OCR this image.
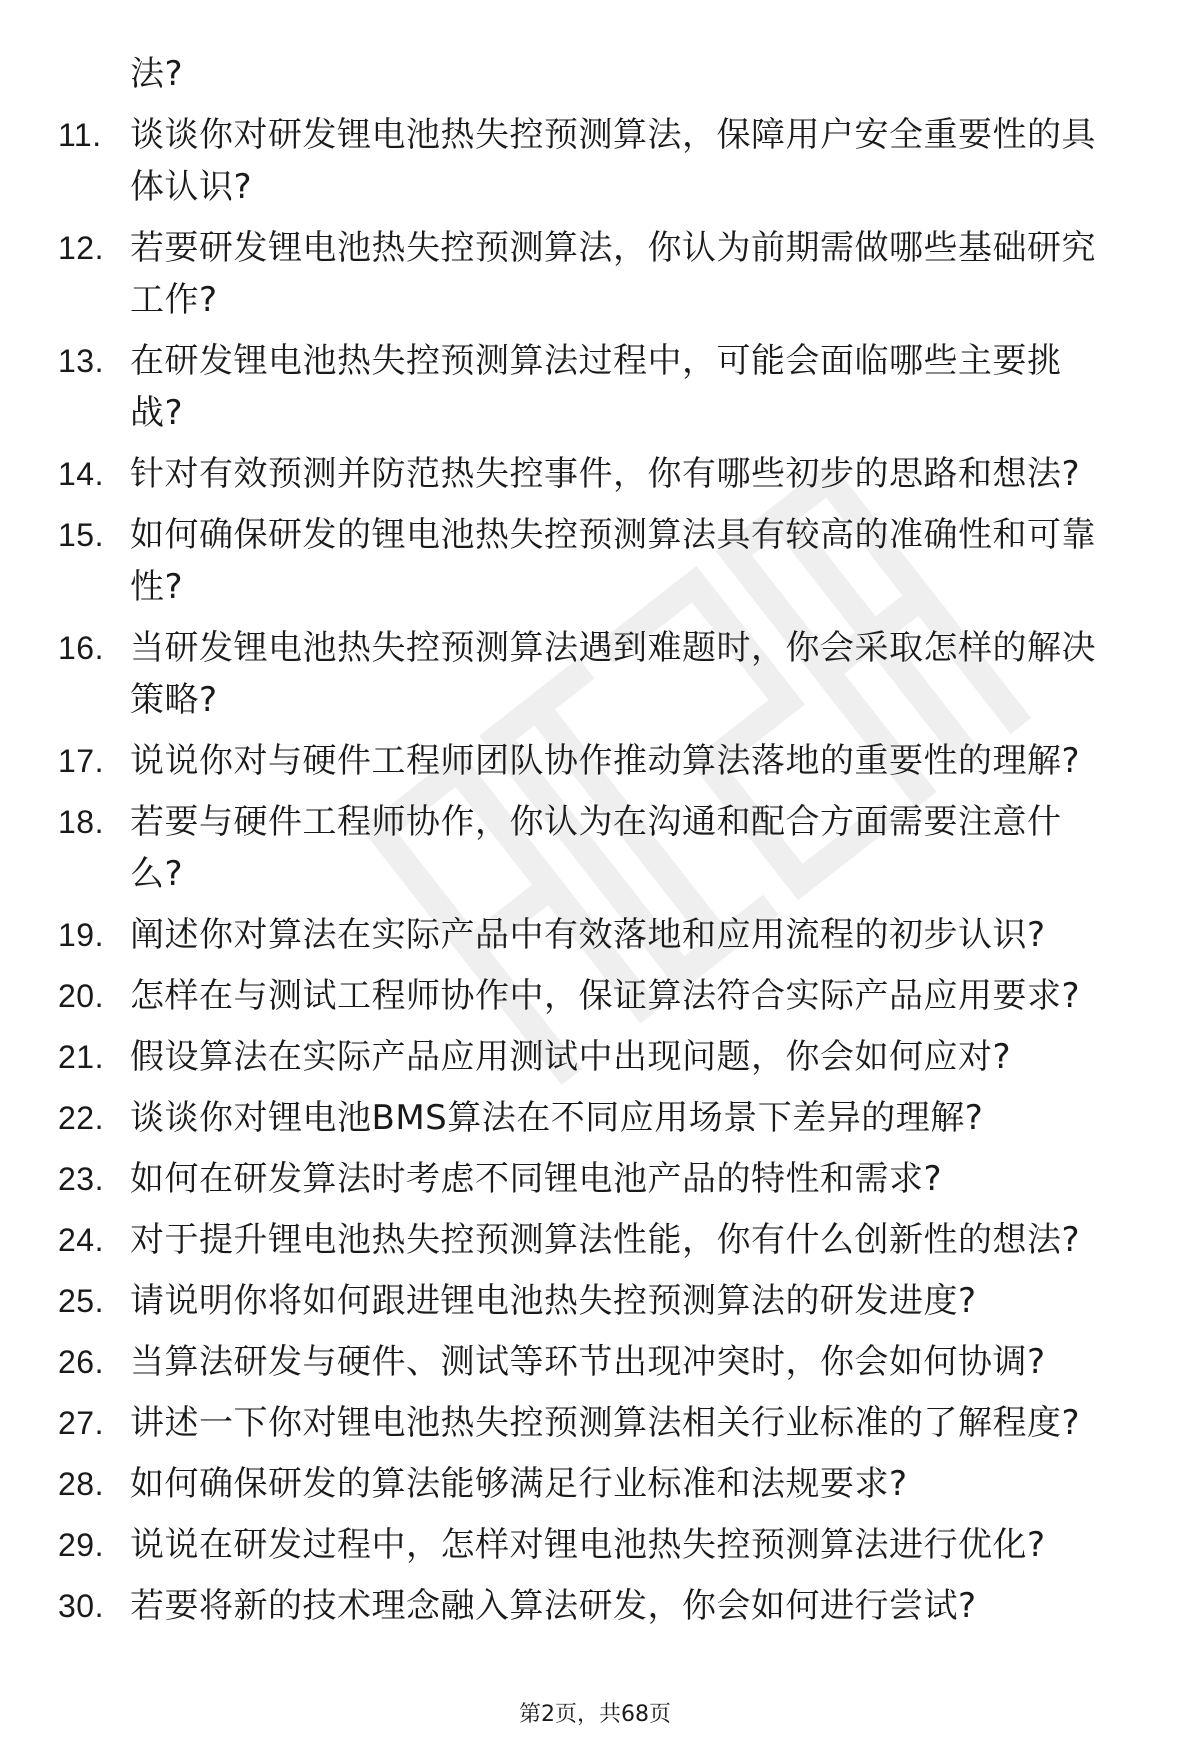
法?
11. 谈谈你对研发锂电池热失控预测算法，保障用户安全重要性的具
体认识?
12. 若要研发锂电池热失控预测算法，你认为前期需做哪些基础研究
工作?
13. 在研发锂电池热失控预测算法过程中，可能会面临哪些主要挑
战?
14. 针对有效预测并防范热失控事件，你有哪些初步的思路和想法?
15. 如何确保研发的锂电池热失控预测算法具有较高的准确性和可靠
性?
16. 当研发锂电池热失控预测算法遇到难题时，你会采取怎样的解决
策略?
17. 说说你对与硬件工程师团队协作推动算法落地的重要性的理解?
18. 若要与硬件工程师协作，你认为在沟通和配合方面需要注意什
么?
19. 阐述你对算法在实际产品中有效落地和应用流程的初步认识?
20. 怎样在与测试工程师协作中，保证算法符合实际产品应用要求?
21. 假设算法在实际产品应用测试中出现问题，你会如何应对?
22. 谈谈你对锂电池BMS算法在不同应用场景下差异的理解?
23. 如何在研发算法时考虑不同锂电池产品的特性和需求?
24. 对于提升锂电池热失控预测算法性能，你有什么创新性的想法?
25. 请说明你将如何跟进锂电池热失控预测算法的研发进度?
26. 当算法研发与硬件、测试等环节出现冲突时，你会如何协调?
27. 讲述一下你对锂电池热失控预测算法相关行业标准的了解程度?
28. 如何确保研发的算法能够满足行业标准和法规要求?
29. 说说在研发过程中，怎样对锂电池热失控预测算法进行优化?
30. 若要将新的技术理念融入算法研发，你会如何进行尝试?
第2页，共68页
